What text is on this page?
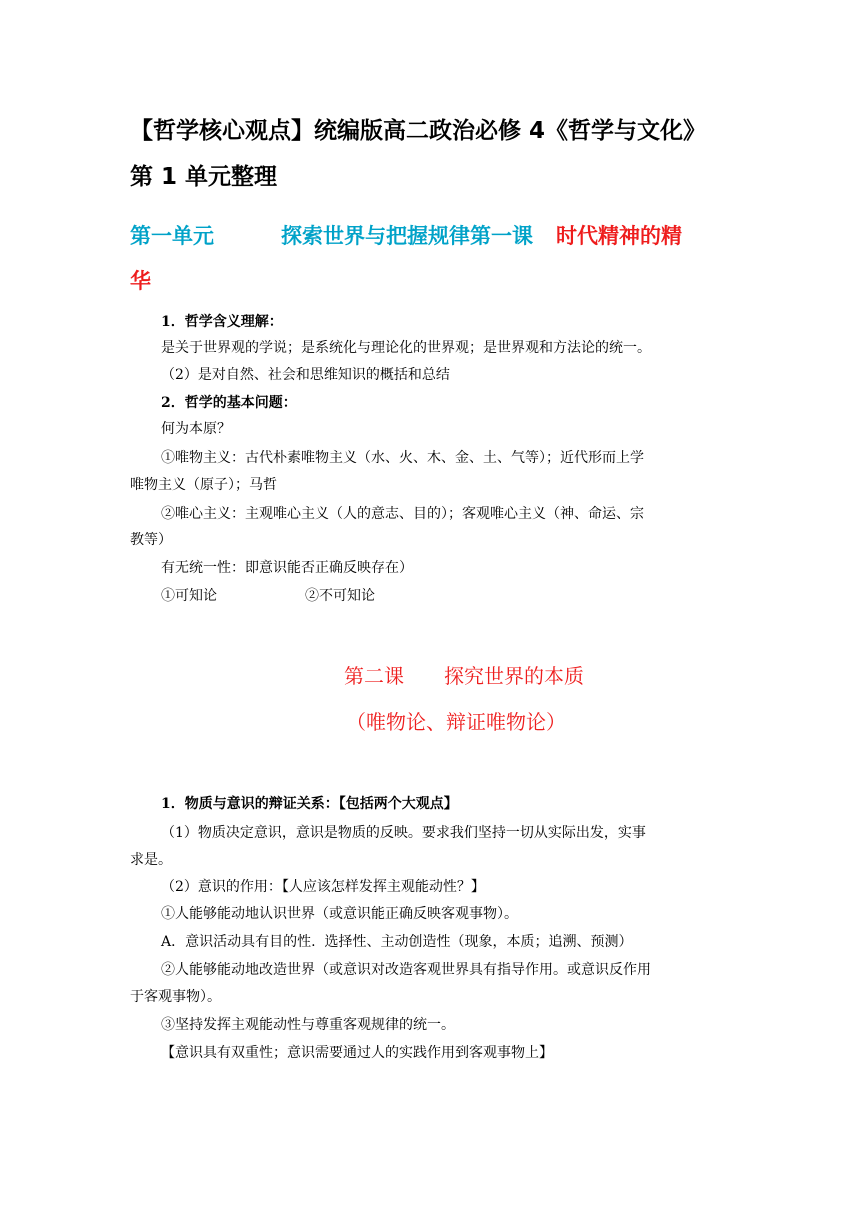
【哲学核心观点】统编版高二政治必修 4《哲学与文化》
第 1 单元整理
第一单元	探索世界与把握规律第一课 时代精神的精
华
1．哲学含义理解：
是关于世界观的学说；是系统化与理论化的世界观；是世界观和方法论的统一。
（2）是对自然、社会和思维知识的概括和总结
2．哲学的基本问题：
何为本原？
①唯物主义：古代朴素唯物主义（水、火、木、金、土、气等）；近代形而上学
唯物主义（原子）；马哲
②唯心主义：主观唯心主义（人的意志、目的）；客观唯心主义（神、命运、宗
教等）
有无统一性：即意识能否正确反映存在）
①可知论	②不可知论
第二课　　探究世界的本质
（唯物论、辩证唯物论）
1．物质与意识的辩证关系：【包括两个大观点】
（1）物质决定意识，意识是物质的反映。要求我们坚持一切从实际出发，实事
求是。
（2）意识的作用：【人应该怎样发挥主观能动性？】
①人能够能动地认识世界（或意识能正确反映客观事物）。
A．意识活动具有目的性.  选择性、主动创造性（现象，本质；追溯、预测）
②人能够能动地改造世界（或意识对改造客观世界具有指导作用。或意识反作用
于客观事物）。
③坚持发挥主观能动性与尊重客观规律的统一。
【意识具有双重性；意识需要通过人的实践作用到客观事物上】
